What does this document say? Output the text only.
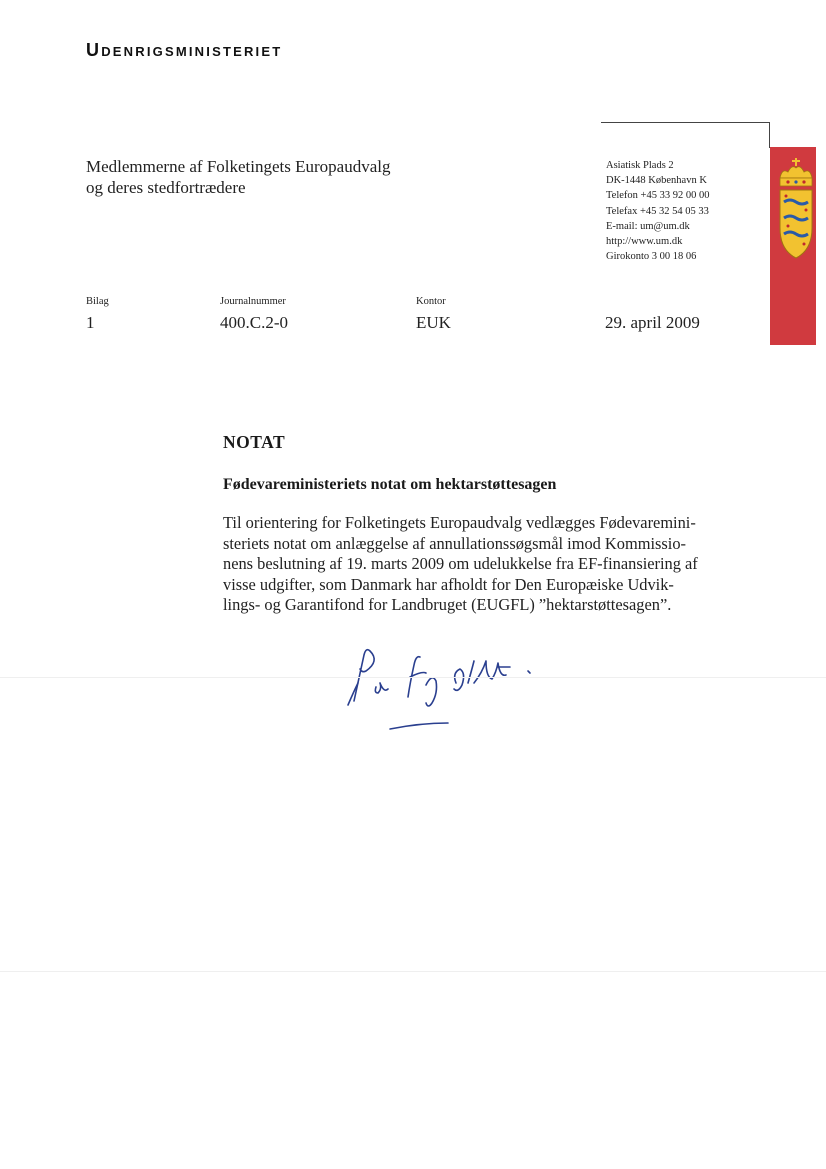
Udenrigsministeriet
Medlemmerne af Folketingets Europaudvalg
og deres stedfortrædere
Asiatisk Plads 2
DK-1448 København K
Telefon +45 33 92 00 00
Telefax +45 32 54 05 33
E-mail: um@um.dk
http://www.um.dk
Girokonto 3 00 18 06
Bilag
1
Journalnummer
400.C.2-0
Kontor
EUK	29. april 2009
NOTAT
Fødevareministeriets notat om hektarstøttesagen
Til orientering for Folketingets Europaudvalg vedlægges Fødevaremini-
steriets notat om anlæggelse af annullationssøgsmål imod Kommissio-
nens beslutning af 19. marts 2009 om udelukkelse fra EF-finansiering af
visse udgifter, som Danmark har afholdt for Den Europæiske Udvik-
lings- og Garantifond for Landbruget (EUGFL) ”hektarstøttesagen”.
